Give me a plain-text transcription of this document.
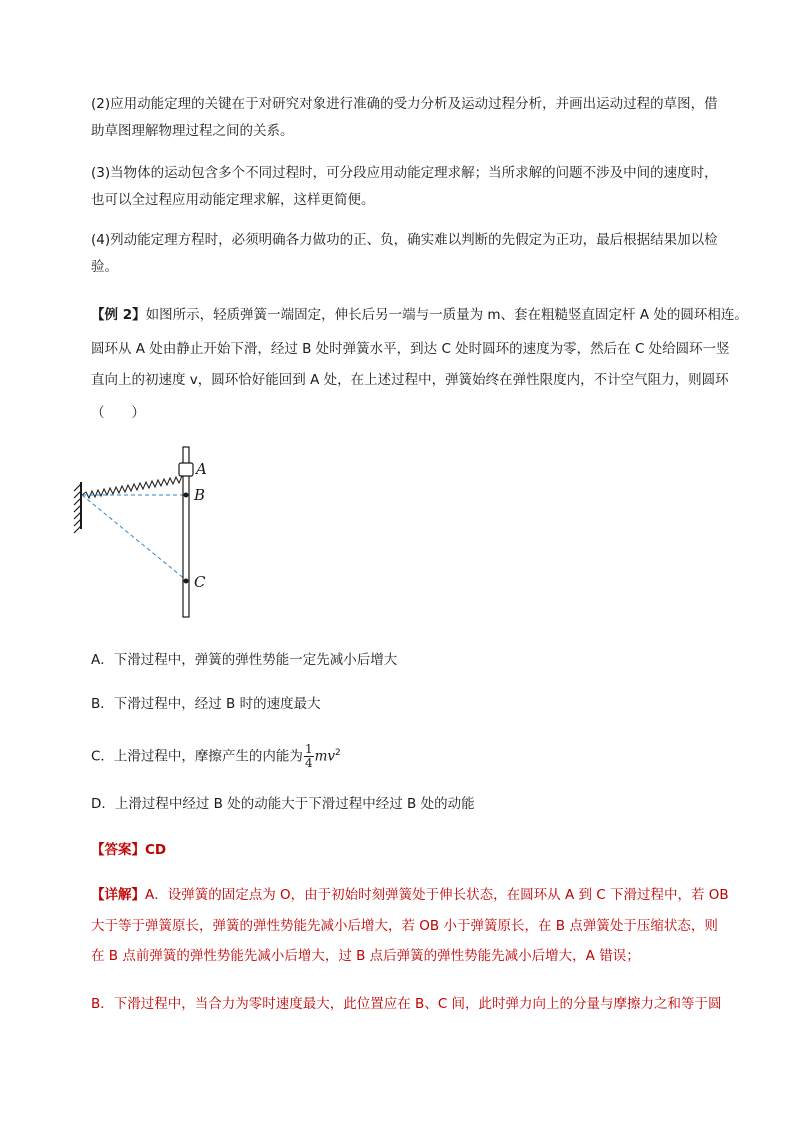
(2)应用动能定理的关键在于对研究对象进行准确的受力分析及运动过程分析，并画出运动过程的草图，借
助草图理解物理过程之间的关系。
(3)当物体的运动包含多个不同过程时，可分段应用动能定理求解；当所求解的问题不涉及中间的速度时，
也可以全过程应用动能定理求解，这样更简便。
(4)列动能定理方程时，必须明确各力做功的正、负，确实难以判断的先假定为正功，最后根据结果加以检
验。
【例 2】如图所示，轻质弹簧一端固定，伸长后另一端与一质量为 m、套在粗糙竖直固定杆 A 处的圆环相连。
圆环从 A 处由静止开始下滑，经过 B 处时弹簧水平，到达 C 处时圆环的速度为零，然后在 C 处给圆环一竖
直向上的初速度 v，圆环恰好能回到 A 处，在上述过程中，弹簧始终在弹性限度内，不计空气阻力，则圆环
（　　）
A
B
C
A．下滑过程中，弹簧的弹性势能一定先减小后增大
B．下滑过程中，经过 B 时的速度最大
C．上滑过程中，摩擦产生的内能为 $\frac{1}{4} mv^2$
D．上滑过程中经过 B 处的动能大于下滑过程中经过 B 处的动能
【答案】CD
【详解】A．设弹簧的固定点为 O，由于初始时刻弹簧处于伸长状态，在圆环从 A 到 C 下滑过程中，若 OB
大于等于弹簧原长，弹簧的弹性势能先减小后增大，若 OB 小于弹簧原长，在 B 点弹簧处于压缩状态，则
在 B 点前弹簧的弹性势能先减小后增大，过 B 点后弹簧的弹性势能先减小后增大，A 错误；
B．下滑过程中，当合力为零时速度最大，此位置应在 B、C 间，此时弹力向上的分量与摩擦力之和等于圆
